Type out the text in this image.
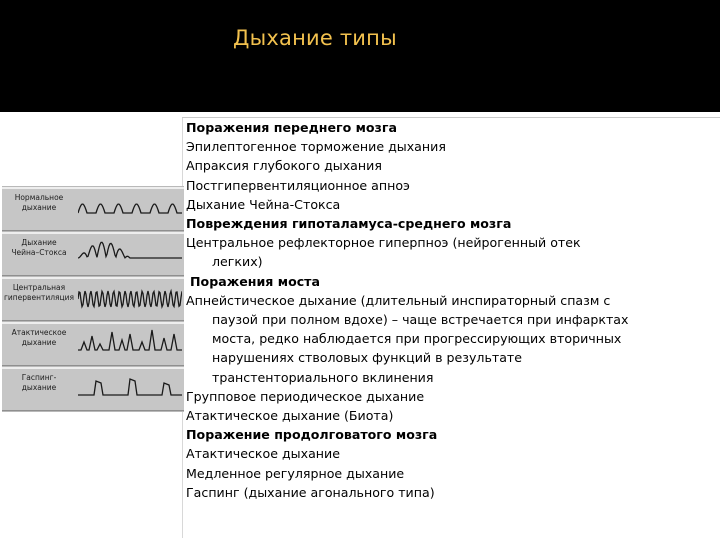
Дыхание типы
Нормальное
дыхание
Дыхание
Чейна–Стокса
Центральная
гипервентиляция
Атактическое
дыхание
Гаспинг-
дыхание
Поражения переднего мозга
Эпилептогенное торможение дыхания
Апраксия глубокого дыхания
Постгипервентиляционное апноэ
Дыхание Чейна-Стокса
Повреждения гипоталамуса-среднего мозга
Центральное рефлекторное гиперпноэ (нейрогенный отек
легких)
Поражения моста
Апнейстическое дыхание (длительный инспираторный спазм с
паузой при полном вдохе) – чаще встречается при инфарктах
моста, редко наблюдается при прогрессирующих вторичных
нарушениях стволовых функций в результате
транстенториального вклинения
Групповое периодическое дыхание
Атактическое дыхание (Биота)
Поражение продолговатого мозга
Атактическое дыхание
Медленное регулярное дыхание
Гаспинг (дыхание агонального типа)
